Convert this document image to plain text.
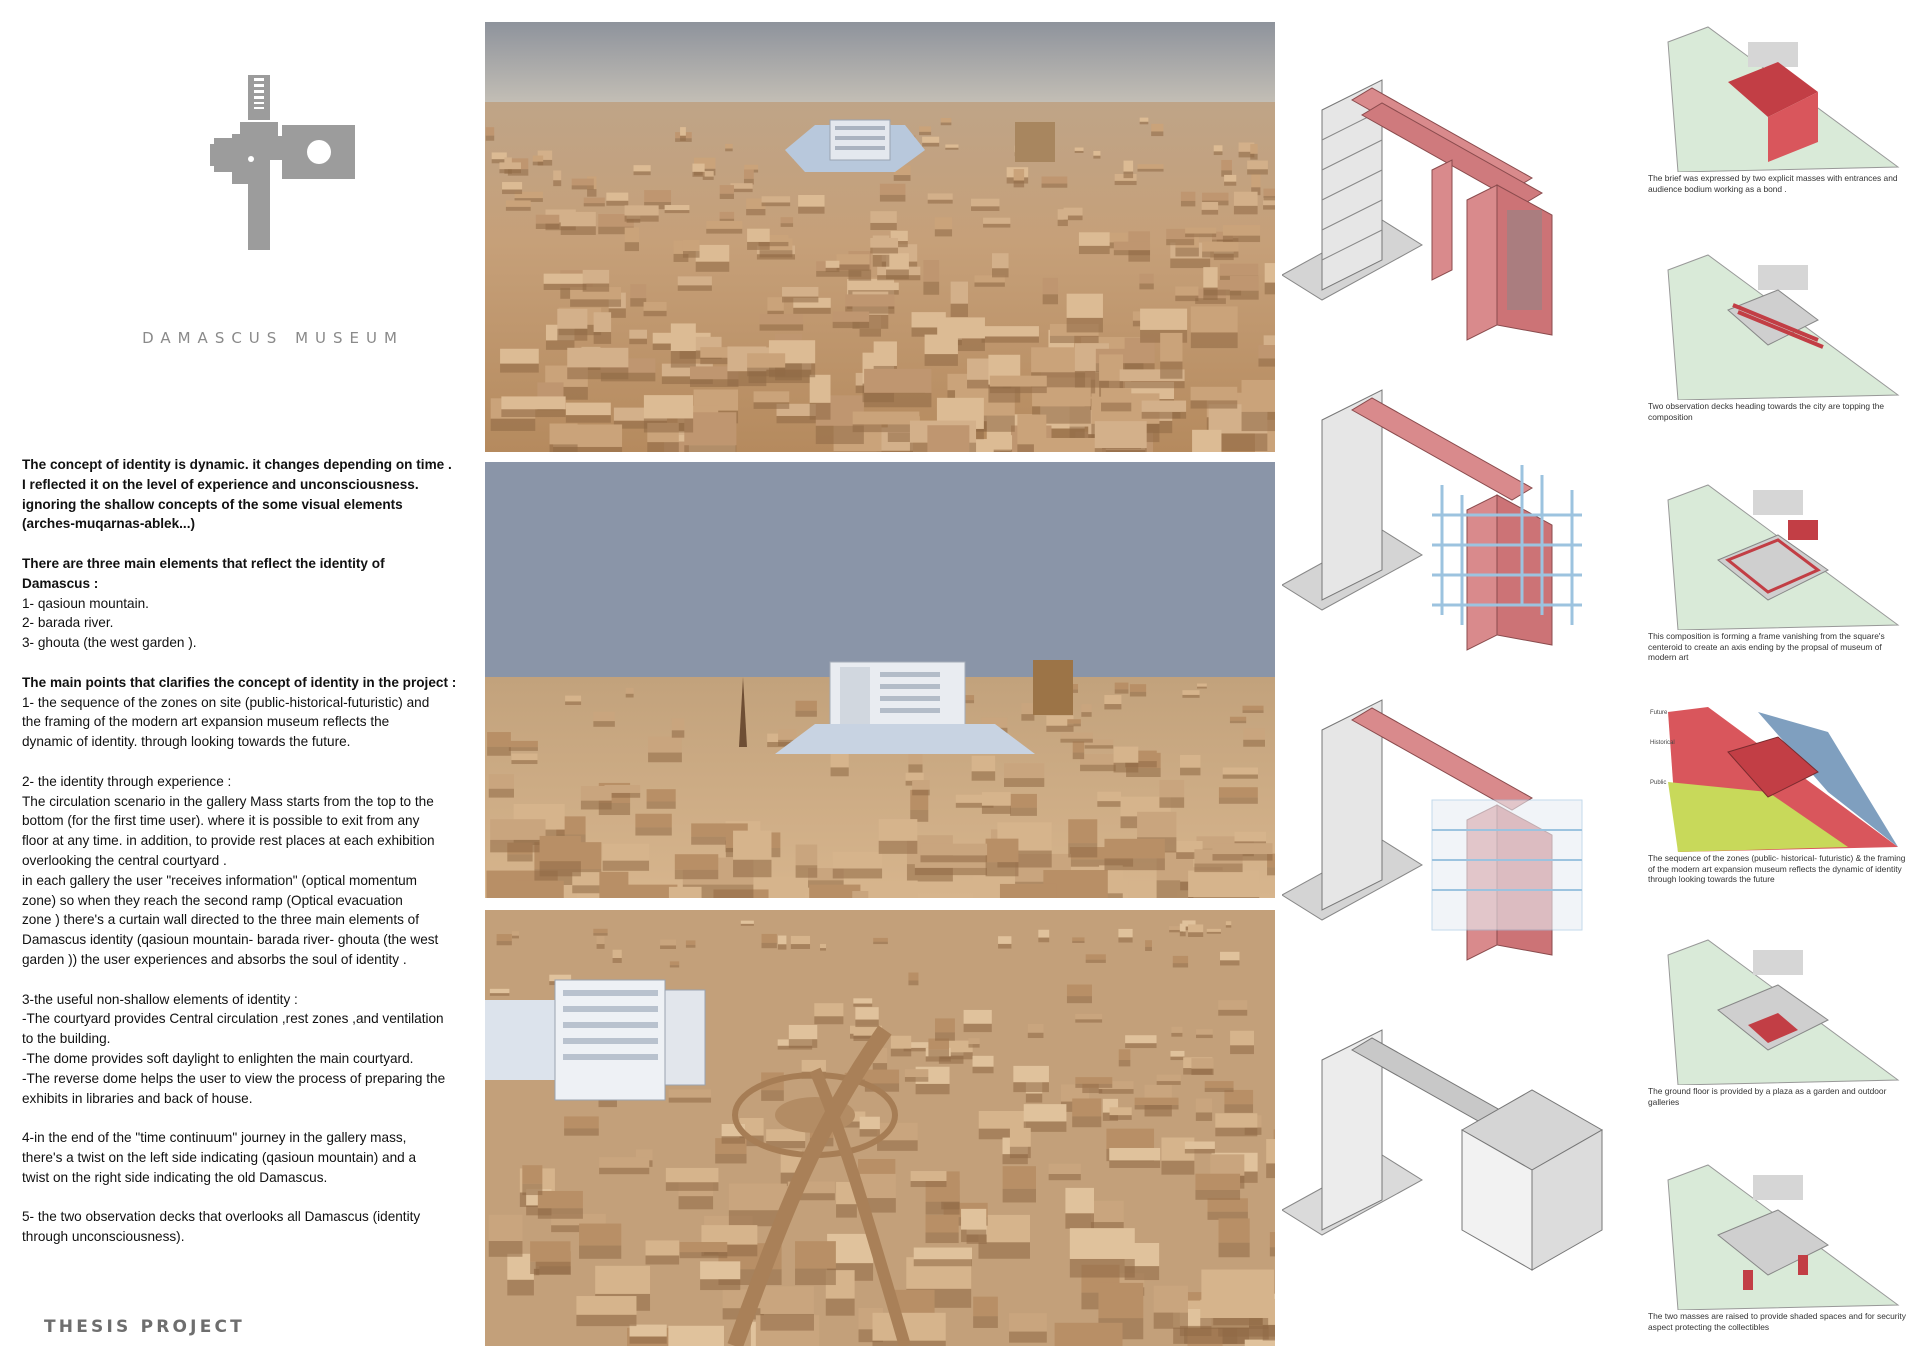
DAMASCUS MUSEUM

The concept of identity is dynamic. it changes depending on time .
I reflected it on the level of experience and unconsciousness.
ignoring the shallow concepts of the some visual elements
(arches-muqarnas-ablek...)

There are three main elements that reflect the identity of
Damascus :
1- qasioun mountain.
2- barada river.
3- ghouta (the west garden ).

The main points that clarifies the concept of identity in the project :
1- the sequence of the zones on site (public-historical-futuristic) and
the framing of the modern art expansion museum reflects the
dynamic of identity. through looking towards the future.

2- the identity through experience :
The circulation scenario in the gallery Mass starts from the top to the
bottom (for the first time user). where it is possible to exit from any
floor at any time. in addition, to provide rest places at each exhibition
overlooking the central courtyard .
in each gallery the user "receives information" (optical momentum
zone) so when they reach the second ramp (Optical evacuation
zone ) there's a curtain wall directed to the three main elements of
Damascus identity (qasioun mountain- barada river- ghouta (the west
garden )) the user experiences and absorbs the soul of identity .

3-the useful non-shallow elements of identity :
-The courtyard provides Central circulation ,rest zones ,and ventilation
to the building.
-The dome provides soft daylight to enlighten the main courtyard.
-The reverse dome helps the user to view the process of preparing the
exhibits in libraries and back of house.

4-in the end of the "time continuum" journey in the gallery mass,
there's a twist on the left side indicating (qasioun mountain) and a
twist on the right side indicating the old Damascus.

5- the two observation decks that overlooks all Damascus (identity
through unconsciousness).

THESIS PROJECT
The brief was expressed by two explicit masses with entrances and audience bodium working as a bond .
Two observation decks heading towards the city are topping the composition
This composition is forming a frame vanishing from the square's centeroid to create an axis ending by the propsal of museum of modern art
Future
Historical
Public
The sequence of the zones (public- historical- futuristic) & the framing of the modern art expansion museum reflects the dynamic of identity through looking towards the future
The ground floor is provided by a plaza as a garden and outdoor galleries
The two masses are raised to provide shaded spaces and for security aspect protecting the collectibles
